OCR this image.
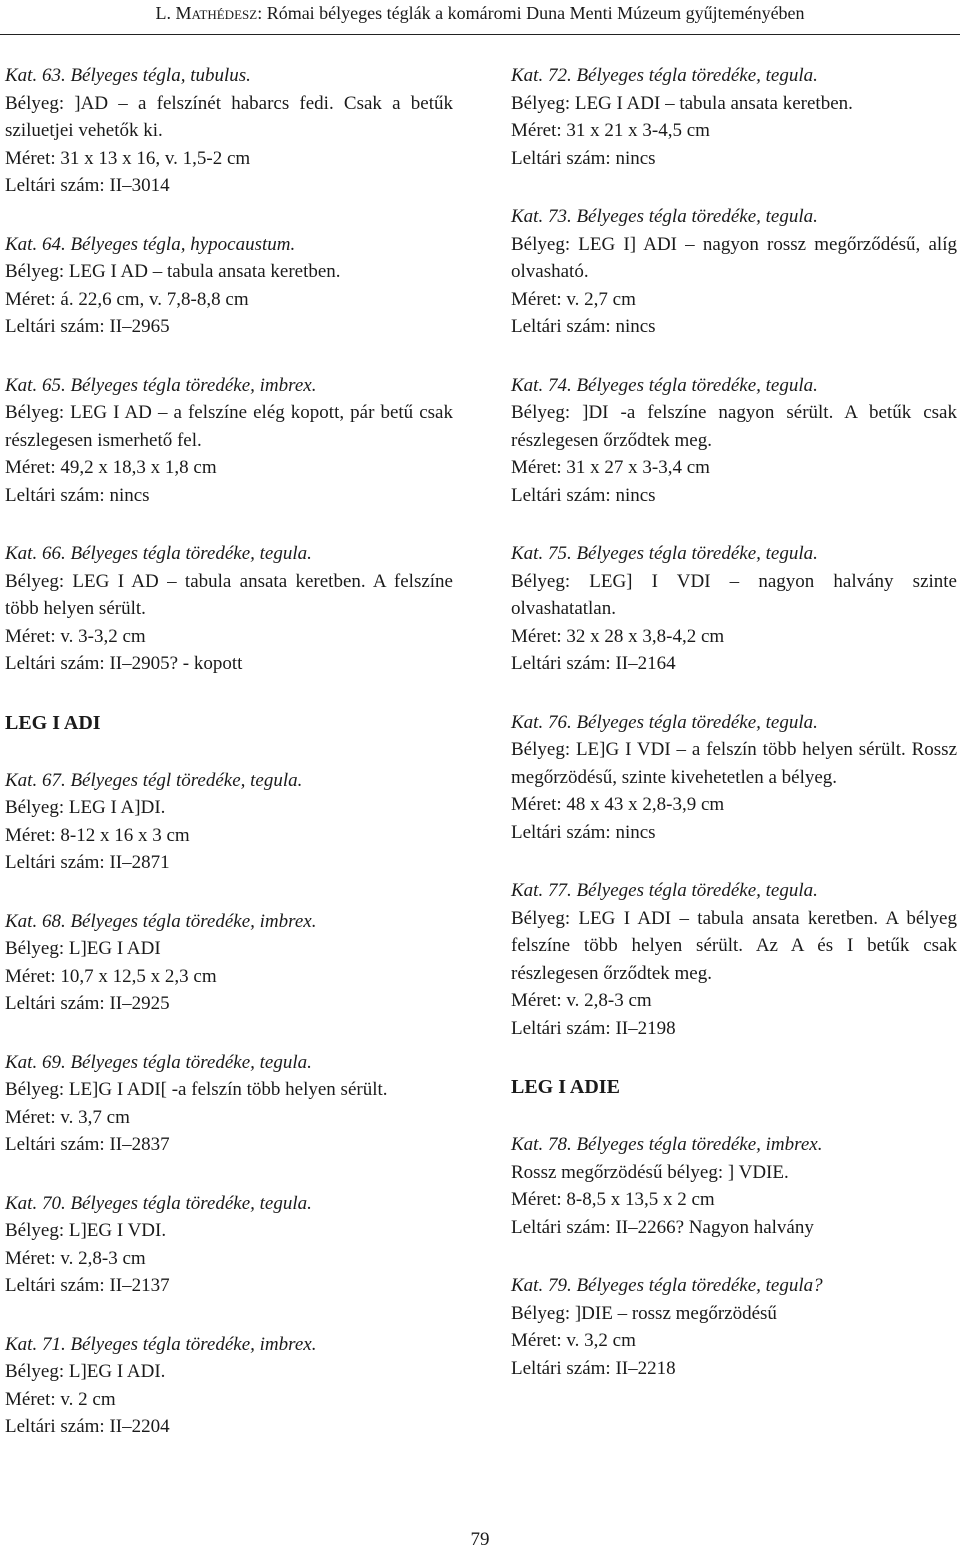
L. Mathédesz: Római bélyeges téglák a komáromi Duna Menti Múzeum gyűjteményében
Kat. 63. Bélyeges tégla, tubulus.
Bélyeg: ]AD – a felszínét habarcs fedi. Csak a betűk sziluetjei vehetők ki.
Méret: 31 x 13 x 16, v. 1,5-2 cm
Leltári szám: II–3014
Kat. 64. Bélyeges tégla, hypocaustum.
Bélyeg: LEG I AD – tabula ansata keretben.
Méret: á. 22,6 cm, v. 7,8-8,8 cm
Leltári szám: II–2965
Kat. 65. Bélyeges tégla töredéke, imbrex.
Bélyeg: LEG I AD – a felszíne elég kopott, pár betű csak részlegesen ismerhető fel.
Méret: 49,2 x 18,3 x 1,8 cm
Leltári szám: nincs
Kat. 66. Bélyeges tégla töredéke, tegula.
Bélyeg: LEG I AD – tabula ansata keretben. A felszíne több helyen sérült.
Méret: v. 3-3,2 cm
Leltári szám: II–2905? - kopott
LEG I ADI
Kat. 67. Bélyeges tégl töredéke, tegula.
Bélyeg: LEG I A]DI.
Méret: 8-12 x 16 x 3 cm
Leltári szám: II–2871
Kat. 68. Bélyeges tégla töredéke, imbrex.
Bélyeg: L]EG I ADI
Méret: 10,7 x 12,5 x 2,3 cm
Leltári szám: II–2925
Kat. 69. Bélyeges tégla töredéke, tegula.
Bélyeg: LE]G I ADI[ -a felszín több helyen sérült.
Méret: v. 3,7 cm
Leltári szám: II–2837
Kat. 70. Bélyeges tégla töredéke, tegula.
Bélyeg: L]EG I VDI.
Méret: v. 2,8-3 cm
Leltári szám: II–2137
Kat. 71. Bélyeges tégla töredéke, imbrex.
Bélyeg: L]EG I ADI.
Méret: v. 2 cm
Leltári szám: II–2204
Kat. 72. Bélyeges tégla töredéke, tegula.
Bélyeg: LEG I ADI – tabula ansata keretben.
Méret: 31 x 21 x 3-4,5 cm
Leltári szám: nincs
Kat. 73. Bélyeges tégla töredéke, tegula.
Bélyeg: LEG I] ADI – nagyon rossz megőrződésű, alíg olvasható.
Méret: v. 2,7 cm
Leltári szám: nincs
Kat. 74. Bélyeges tégla töredéke, tegula.
Bélyeg: ]DI -a felszíne nagyon sérült. A betűk csak részlegesen őrződtek meg.
Méret: 31 x 27 x 3-3,4 cm
Leltári szám: nincs
Kat. 75. Bélyeges tégla töredéke, tegula.
Bélyeg: LEG] I VDI – nagyon halvány szinte olvashatatlan.
Méret: 32 x 28 x 3,8-4,2 cm
Leltári szám: II–2164
Kat. 76. Bélyeges tégla töredéke, tegula.
Bélyeg: LE]G I VDI – a felszín több helyen sérült. Rossz megőrzödésű, szinte kivehetetlen a bélyeg.
Méret: 48 x 43 x 2,8-3,9 cm
Leltári szám: nincs
Kat. 77. Bélyeges tégla töredéke, tegula.
Bélyeg: LEG I ADI – tabula ansata keretben. A bélyeg felszíne több helyen sérült. Az A és I betűk csak részlegesen őrződtek meg.
Méret: v. 2,8-3 cm
Leltári szám: II–2198
LEG I ADIE
Kat. 78. Bélyeges tégla töredéke, imbrex.
Rossz megőrzödésű bélyeg: ] VDIE.
Méret: 8-8,5 x 13,5 x 2 cm
Leltári szám: II–2266? Nagyon halvány
Kat. 79. Bélyeges tégla töredéke, tegula?
Bélyeg: ]DIE – rossz megőrzödésű
Méret: v. 3,2 cm
Leltári szám: II–2218
79
